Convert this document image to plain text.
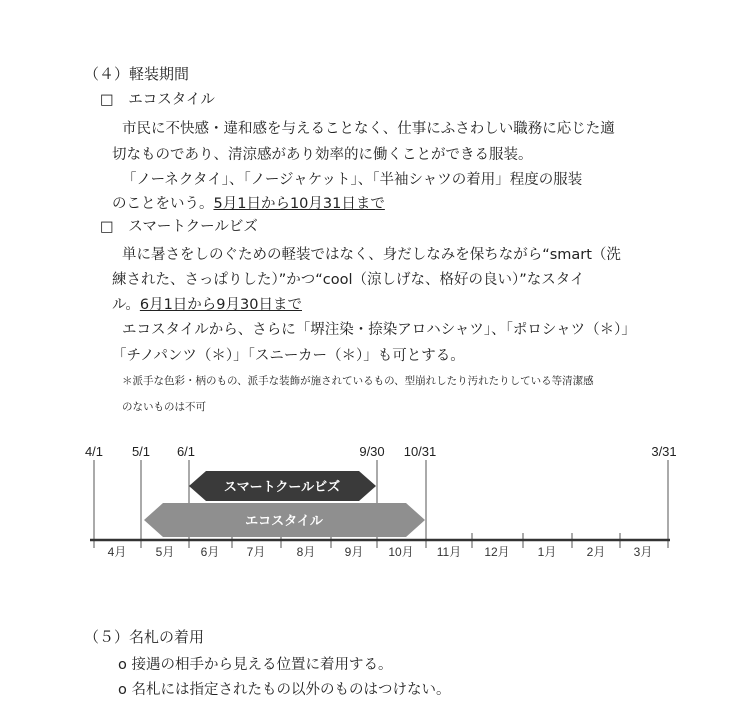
（４）軽装期間
□　エコスタイル
市民に不快感・違和感を与えることなく、仕事にふさわしい職務に応じた適
切なものであり、清涼感があり効率的に働くことができる服装。
「ノーネクタイ」、「ノージャケット」、「半袖シャツの着用」程度の服装
のことをいう。5月1日から10月31日まで
□　スマートクールビズ
単に暑さをしのぐための軽装ではなく、身だしなみを保ちながら“smart（洗
練された、さっぱりした）”かつ“cool（涼しげな、格好の良い）”なスタイ
ル。6月1日から9月30日まで
エコスタイルから、さらに「堺注染・捺染アロハシャツ」、「ポロシャツ（＊）」
「チノパンツ（＊）」「スニーカー（＊）」も可とする。
＊派手な色彩・柄のもの、派手な装飾が施されているもの、型崩れしたり汚れたりしている等清潔感
のないものは不可
スマートクールビズ
エコスタイル
4/1 5/1 6/1	9/30 10/31	3/31
4月 5月 6月 7月	8月 9月 10月 11月 12月 1月	2月 3月
（５）名札の着用
o 接遇の相手から見える位置に着用する。
o 名札には指定されたもの以外のものはつけない。
